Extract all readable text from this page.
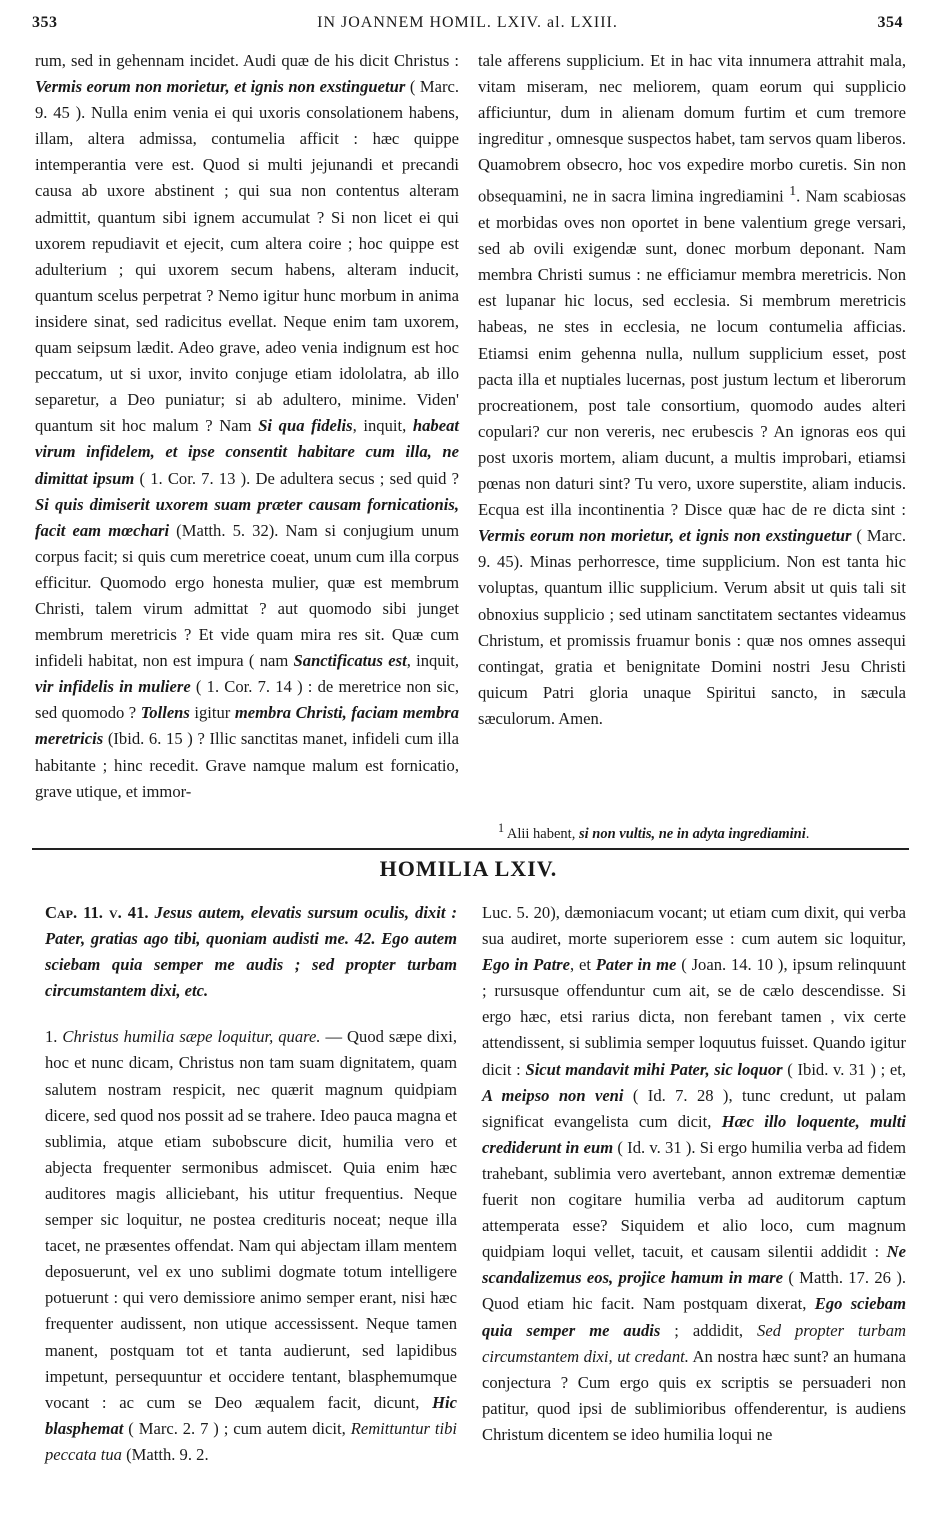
353	IN JOANNEM HOMIL. LXIV. al. LXIII.	354

rum, sed in gehennam incidet. Audi quæ de his dicit Christus : Vermis eorum non morietur, et ignis non exstinguetur ( Marc. 9. 45 ). Nulla enim venia ei qui uxoris consolationem habens, illam, altera admissa, contumelia afficit : hæc quippe intemperantia vere est. Quod si multi jejunandi et precandi causa ab uxore abstinent ; qui sua non contentus alteram admittit, quantum sibi ignem accumulat ? Si non licet ei qui uxorem repudiavit et ejecit, cum altera coire ; hoc quippe est adulterium ; qui uxorem secum habens, alteram inducit, quantum scelus perpetrat ? Nemo igitur hunc morbum in anima insidere sinat, sed radicitus evellat. Neque enim tam uxorem, quam seipsum lædit. Adeo grave, adeo venia indignum est hoc peccatum, ut si uxor, invito conjuge etiam idololatra, ab illo separetur, a Deo puniatur; si ab adultero, minime. Viden' quantum sit hoc malum ? Nam Si qua fidelis, inquit, habeat virum infidelem, et ipse consentit habitare cum illa, ne dimittat ipsum ( 1. Cor. 7. 13 ). De adultera secus ; sed quid ? Si quis dimiserit uxorem suam præter causam fornicationis, facit eam mœchari (Matth. 5. 32). Nam si conjugium unum corpus facit; si quis cum meretrice coeat, unum cum illa corpus efficitur. Quomodo ergo honesta mulier, quæ est membrum Christi, talem virum admittat ? aut quomodo sibi junget membrum meretricis ? Et vide quam mira res sit. Quæ cum infideli habitat, non est impura ( nam Sanctificatus est, inquit, vir infidelis in muliere ( 1. Cor. 7. 14 ) : de meretrice non sic, sed quomodo ? Tollens igitur membra Christi, faciam membra meretricis (Ibid. 6. 15 ) ? Illic sanctitas manet, infideli cum illa habitante ; hinc recedit. Grave namque malum est fornicatio, grave utique, et immor-

tale afferens supplicium. Et in hac vita innumera attrahit mala, vitam miseram, nec meliorem, quam eorum qui supplicio afficiuntur, dum in alienam domum furtim et cum tremore ingreditur , omnesque suspectos habet, tam servos quam liberos. Quamobrem obsecro, hoc vos expedire morbo curetis. Sin non obsequamini, ne in sacra limina ingrediamini $^1$. Nam scabiosas et morbidas oves non oportet in bene valentium grege versari, sed ab ovili exigendæ sunt, donec morbum deponant. Nam membra Christi sumus : ne efficiamur membra meretricis. Non est lupanar hic locus, sed ecclesia. Si membrum meretricis habeas, ne stes in ecclesia, ne locum contumelia afficias. Etiamsi enim gehenna nulla, nullum supplicium esset, post pacta illa et nuptiales lucernas, post justum lectum et liberorum procreationem, post tale consortium, quomodo audes alteri copulari? cur non vereris, nec erubescis ? An ignoras eos qui post uxoris mortem, aliam ducunt, a multis improbari, etiamsi pœnas non daturi sint? Tu vero, uxore superstite, aliam inducis. Ecqua est illa incontinentia ? Disce quæ hac de re dicta sint : Vermis eorum non morietur, et ignis non exstinguetur ( Marc. 9. 45). Minas perhorresce, time supplicium. Non est tanta hic voluptas, quantum illic supplicium. Verum absit ut quis tali sit obnoxius supplicio ; sed utinam sanctitatem sectantes videamus Christum, et promissis fruamur bonis : quæ nos omnes assequi contingat, gratia et benignitate Domini nostri Jesu Christi quicum Patri gloria unaque Spiritui sancto, in sæcula sæculorum. Amen.

$^1$ Alii habent, si non vultis, ne in adyta ingrediamini.
HOMILIA LXIV.

Cap. 11. v. 41. Jesus autem, elevatis sursum oculis, dixit : Pater, gratias ago tibi, quoniam audisti me. 42. Ego autem sciebam quia semper me audis ; sed propter turbam circumstantem dixi, etc.

1. Christus humilia sæpe loquitur, quare. — Quod sæpe dixi, hoc et nunc dicam, Christus non tam suam dignitatem, quam salutem nostram respicit, nec quærit magnum quidpiam dicere, sed quod nos possit ad se trahere. Ideo pauca magna et sublimia, atque etiam subobscure dicit, humilia vero et abjecta frequenter sermonibus admiscet. Quia enim hæc auditores magis alliciebant, his utitur frequentius. Neque semper sic loquitur, ne postea credituris noceat; neque illa tacet, ne præsentes offendat. Nam qui abjectam illam mentem deposuerunt, vel ex uno sublimi dogmate totum intelligere potuerunt : qui vero demissiore animo semper erant, nisi hæc frequenter audissent, non utique accessissent. Neque tamen manent, postquam tot et tanta audierunt, sed lapidibus impetunt, persequuntur et occidere tentant, blasphemumque vocant : ac cum se Deo æqualem facit, dicunt, Hic blasphemat ( Marc. 2. 7 ) ; cum autem dicit, Remittuntur tibi peccata tua (Matth. 9. 2.

Luc. 5. 20), dæmoniacum vocant; ut etiam cum dixit, qui verba sua audiret, morte superiorem esse : cum autem sic loquitur, Ego in Patre, et Pater in me ( Joan. 14. 10 ), ipsum relinquunt ; rursusque offenduntur cum ait, se de cælo descendisse. Si ergo hæc, etsi rarius dicta, non ferebant tamen , vix certe attendissent, si sublimia semper loquutus fuisset. Quando igitur dicit : Sicut mandavit mihi Pater, sic loquor ( Ibid. v. 31 ) ; et, A meipso non veni ( Id. 7. 28 ), tunc credunt, ut palam significat evangelista cum dicit, Hæc illo loquente, multi crediderunt in eum ( Id. v. 31 ). Si ergo humilia verba ad fidem trahebant, sublimia vero avertebant, annon extremæ dementiæ fuerit non cogitare humilia verba ad auditorum captum attemperata esse? Siquidem et alio loco, cum magnum quidpiam loqui vellet, tacuit, et causam silentii addidit : Ne scandalizemus eos, projice hamum in mare ( Matth. 17. 26 ). Quod etiam hic facit. Nam postquam dixerat, Ego sciebam quia semper me audis ; addidit, Sed propter turbam circumstantem dixi, ut credant. An nostra hæc sunt? an humana conjectura ? Cum ergo quis ex scriptis se persuaderi non patitur, quod ipsi de sublimioribus offenderentur, is audiens Christum dicentem se ideo humilia loqui ne
